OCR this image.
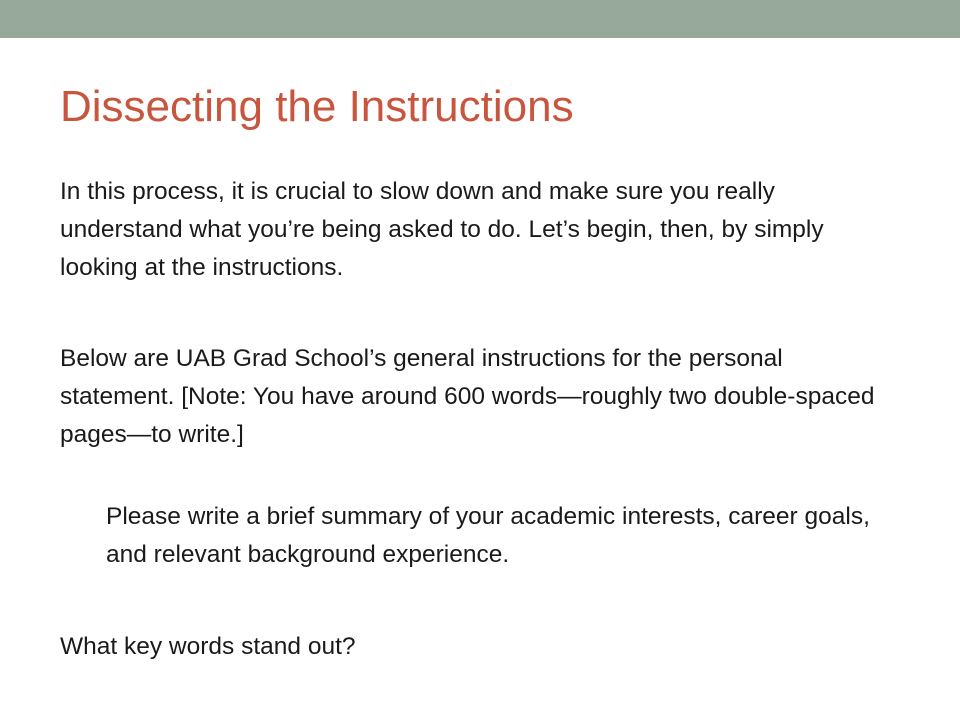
Dissecting the Instructions

In this process, it is crucial to slow down and make sure you really understand what you’re being asked to do. Let’s begin, then, by simply looking at the instructions.

Below are UAB Grad School’s general instructions for the personal statement. [Note: You have around 600 words—roughly two double-spaced pages—to write.]

Please write a brief summary of your academic interests, career goals, and relevant background experience.

What key words stand out?
